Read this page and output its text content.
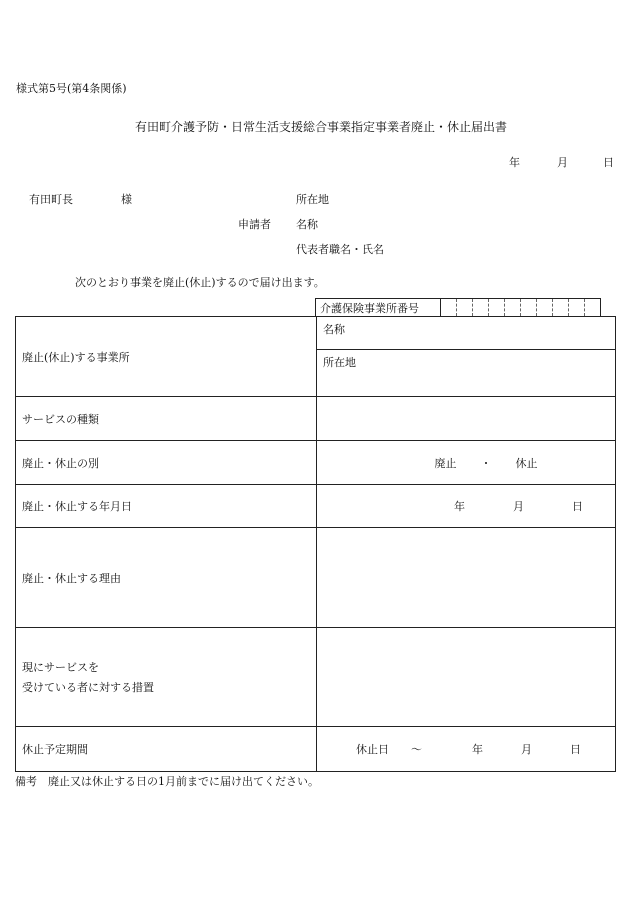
様式第5号(第4条関係)
有田町介護予防・日常生活支援総合事業指定事業者廃止・休止届出書
年	月	日
有田町長	様	所在地
申請者 名称
代表者職名・氏名
次のとおり事業を廃止(休止)するので届け出ます。
介護保険事業所番号										
廃止(休止)する事業所	名称
	所在地
サービスの種類	
廃止・休止の別	廃止 ・ 休止

廃止・休止する年月日	年 月 日

廃止・休止する理由	

現にサービスを
受けている者に対する措置	

休止予定期間	休止日 ～ 年 月 日
備考　廃止又は休止する日の1月前までに届け出てください。
